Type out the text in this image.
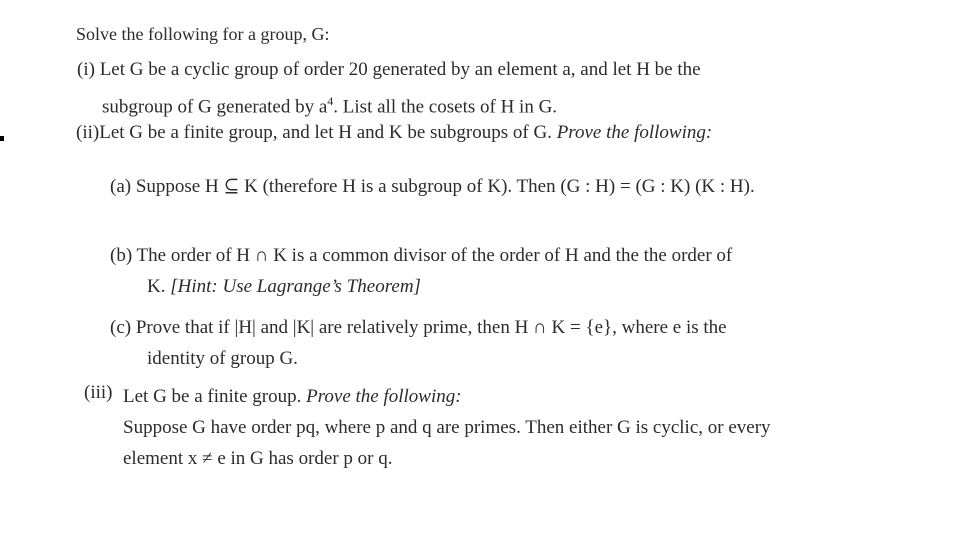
Solve the following for a group, G:
(i) Let G be a cyclic group of order 20 generated by an element a, and let H be the
subgroup of G generated by $a^4$. List all the cosets of H in G.
(ii)Let G be a finite group, and let H and K be subgroups of G. Prove the following:
(a) Suppose H ⊆ K (therefore H is a subgroup of K). Then (G : H) = (G : K) (K : H).
(b) The order of H ∩ K is a common divisor of the order of H and the the order of
K. [Hint: Use Lagrange’s Theorem]
(c) Prove that if |H| and |K| are relatively prime, then H ∩ K = {e}, where e is the
identity of group G.
(iii) Let G be a finite group. Prove the following:
Suppose G have order pq, where p and q are primes. Then either G is cyclic, or every
element x ≠ e in G has order p or q.
